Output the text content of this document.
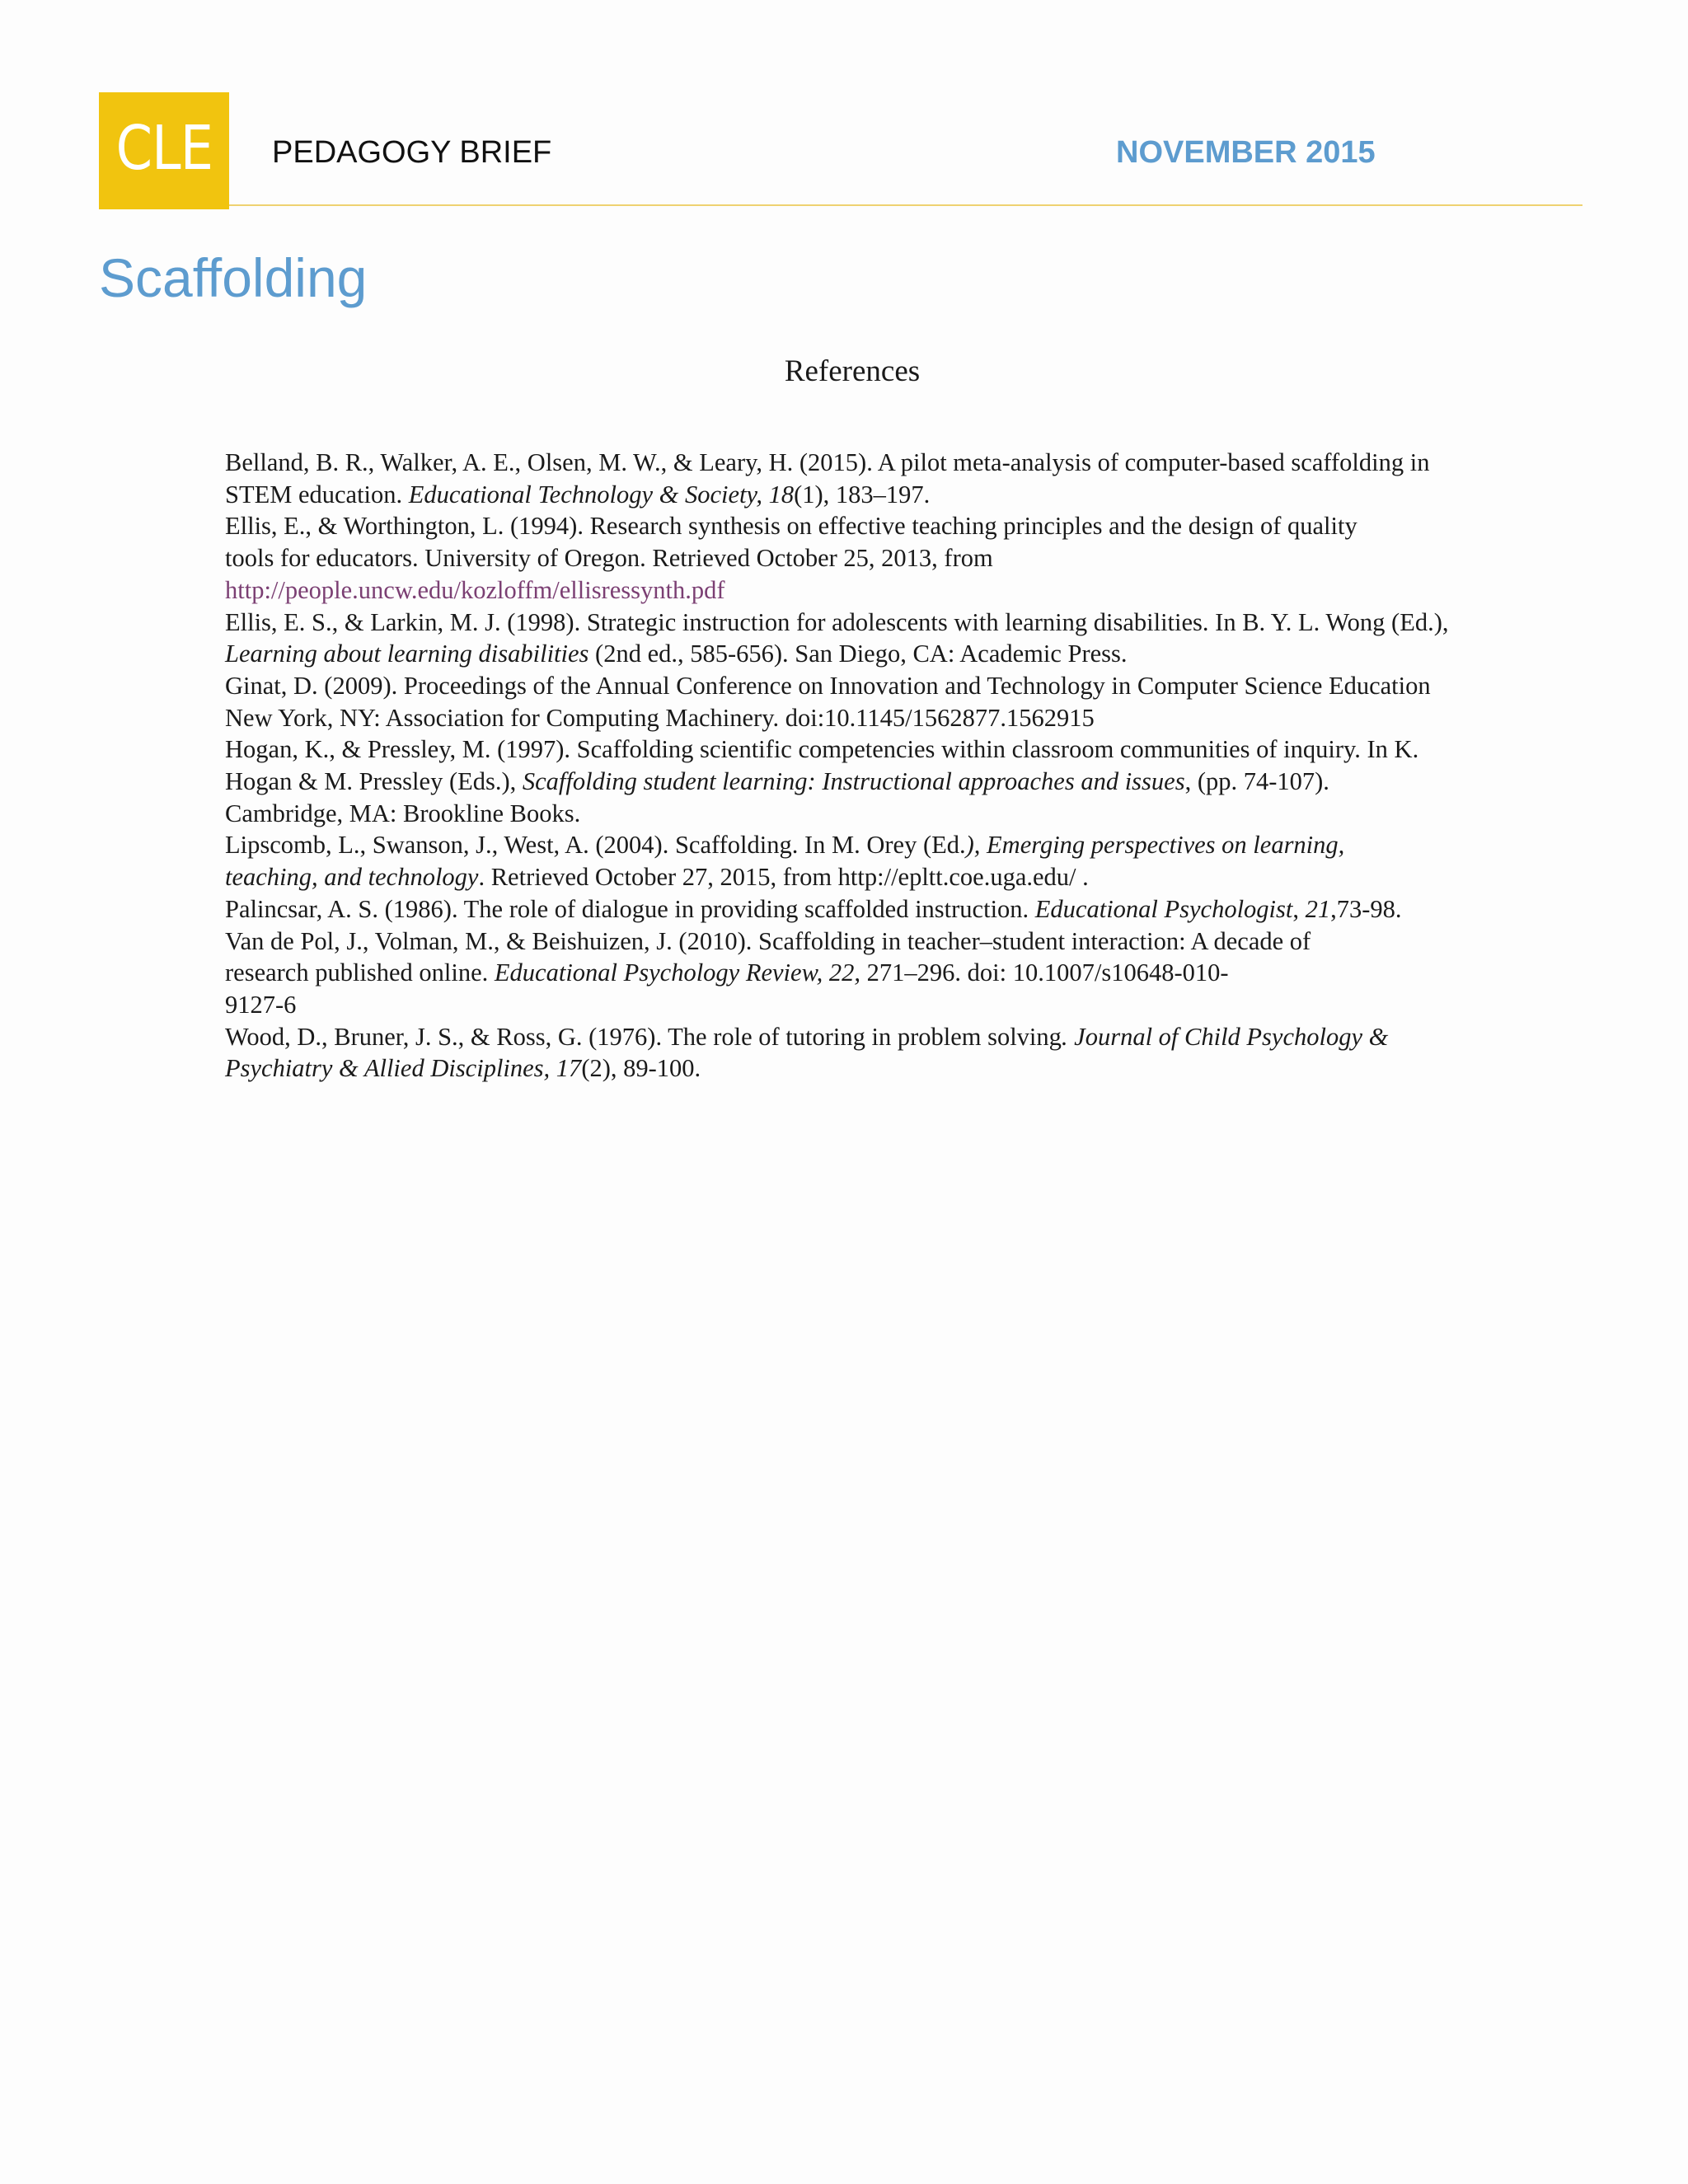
CLE PEDAGOGY BRIEF	NOVEMBER 2015
Scaffolding
References
Belland, B. R., Walker, A. E., Olsen, M. W., & Leary, H. (2015). A pilot meta-analysis of computer-based scaffolding in
STEM education. Educational Technology & Society, 18(1), 183–197.
Ellis, E., & Worthington, L. (1994). Research synthesis on effective teaching principles and the design of quality
tools for educators. University of Oregon. Retrieved October 25, 2013, from
http://people.uncw.edu/kozloffm/ellisressynth.pdf
Ellis, E. S., & Larkin, M. J. (1998). Strategic instruction for adolescents with learning disabilities. In B. Y. L. Wong (Ed.),
Learning about learning disabilities (2nd ed., 585-656). San Diego, CA: Academic Press.
Ginat, D. (2009). Proceedings of the Annual Conference on Innovation and Technology in Computer Science Education
New York, NY: Association for Computing Machinery. doi:10.1145/1562877.1562915
Hogan, K., & Pressley, M. (1997). Scaffolding scientific competencies within classroom communities of inquiry. In K.
Hogan & M. Pressley (Eds.), Scaffolding student learning: Instructional approaches and issues, (pp. 74-107).
Cambridge, MA: Brookline Books.
Lipscomb, L., Swanson, J., West, A. (2004). Scaffolding. In M. Orey (Ed.), Emerging perspectives on learning,
teaching, and technology. Retrieved October 27, 2015, from http://epltt.coe.uga.edu/ .
Palincsar, A. S. (1986). The role of dialogue in providing scaffolded instruction. Educational Psychologist, 21,73-98.
Van de Pol, J., Volman, M., & Beishuizen, J. (2010). Scaffolding in teacher–student interaction: A decade of
research published online. Educational Psychology Review, 22, 271–296. doi: 10.1007/s10648-010-
9127-6
Wood, D., Bruner, J. S., & Ross, G. (1976). The role of tutoring in problem solving. Journal of Child Psychology &
Psychiatry & Allied Disciplines, 17(2), 89-100.
